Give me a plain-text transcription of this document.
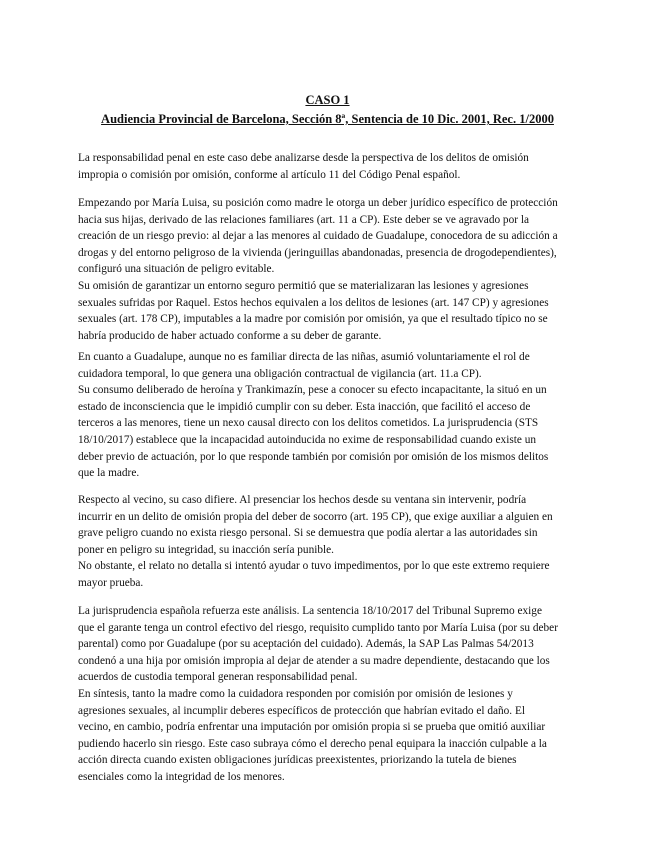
CASO 1
Audiencia Provincial de Barcelona, Sección 8ª, Sentencia de 10 Dic. 2001, Rec. 1/2000
La responsabilidad penal en este caso debe analizarse desde la perspectiva de los delitos de omisión
impropia o comisión por omisión, conforme al artículo 11 del Código Penal español.
Empezando por María Luisa, su posición como madre le otorga un deber jurídico específico de protección
hacia sus hijas, derivado de las relaciones familiares (art. 11 a CP). Este deber se ve agravado por la
creación de un riesgo previo: al dejar a las menores al cuidado de Guadalupe, conocedora de su adicción a
drogas y del entorno peligroso de la vivienda (jeringuillas abandonadas, presencia de drogodependientes),
configuró una situación de peligro evitable.
Su omisión de garantizar un entorno seguro permitió que se materializaran las lesiones y agresiones
sexuales sufridas por Raquel. Estos hechos equivalen a los delitos de lesiones (art. 147 CP) y agresiones
sexuales (art. 178 CP), imputables a la madre por comisión por omisión, ya que el resultado típico no se
habría producido de haber actuado conforme a su deber de garante.
En cuanto a Guadalupe, aunque no es familiar directa de las niñas, asumió voluntariamente el rol de
cuidadora temporal, lo que genera una obligación contractual de vigilancia (art. 11.a CP).
Su consumo deliberado de heroína y Trankimazín, pese a conocer su efecto incapacitante, la situó en un
estado de inconsciencia que le impidió cumplir con su deber. Esta inacción, que facilitó el acceso de
terceros a las menores, tiene un nexo causal directo con los delitos cometidos. La jurisprudencia (STS
18/10/2017) establece que la incapacidad autoinducida no exime de responsabilidad cuando existe un
deber previo de actuación, por lo que responde también por comisión por omisión de los mismos delitos
que la madre.
Respecto al vecino, su caso difiere. Al presenciar los hechos desde su ventana sin intervenir, podría
incurrir en un delito de omisión propia del deber de socorro (art. 195 CP), que exige auxiliar a alguien en
grave peligro cuando no exista riesgo personal. Si se demuestra que podía alertar a las autoridades sin
poner en peligro su integridad, su inacción sería punible.
No obstante, el relato no detalla si intentó ayudar o tuvo impedimentos, por lo que este extremo requiere
mayor prueba.
La jurisprudencia española refuerza este análisis. La sentencia 18/10/2017 del Tribunal Supremo exige
que el garante tenga un control efectivo del riesgo, requisito cumplido tanto por María Luisa (por su deber
parental) como por Guadalupe (por su aceptación del cuidado). Además, la SAP Las Palmas 54/2013
condenó a una hija por omisión impropia al dejar de atender a su madre dependiente, destacando que los
acuerdos de custodia temporal generan responsabilidad penal.
En síntesis, tanto la madre como la cuidadora responden por comisión por omisión de lesiones y
agresiones sexuales, al incumplir deberes específicos de protección que habrían evitado el daño. El
vecino, en cambio, podría enfrentar una imputación por omisión propia si se prueba que omitió auxiliar
pudiendo hacerlo sin riesgo. Este caso subraya cómo el derecho penal equipara la inacción culpable a la
acción directa cuando existen obligaciones jurídicas preexistentes, priorizando la tutela de bienes
esenciales como la integridad de los menores.
